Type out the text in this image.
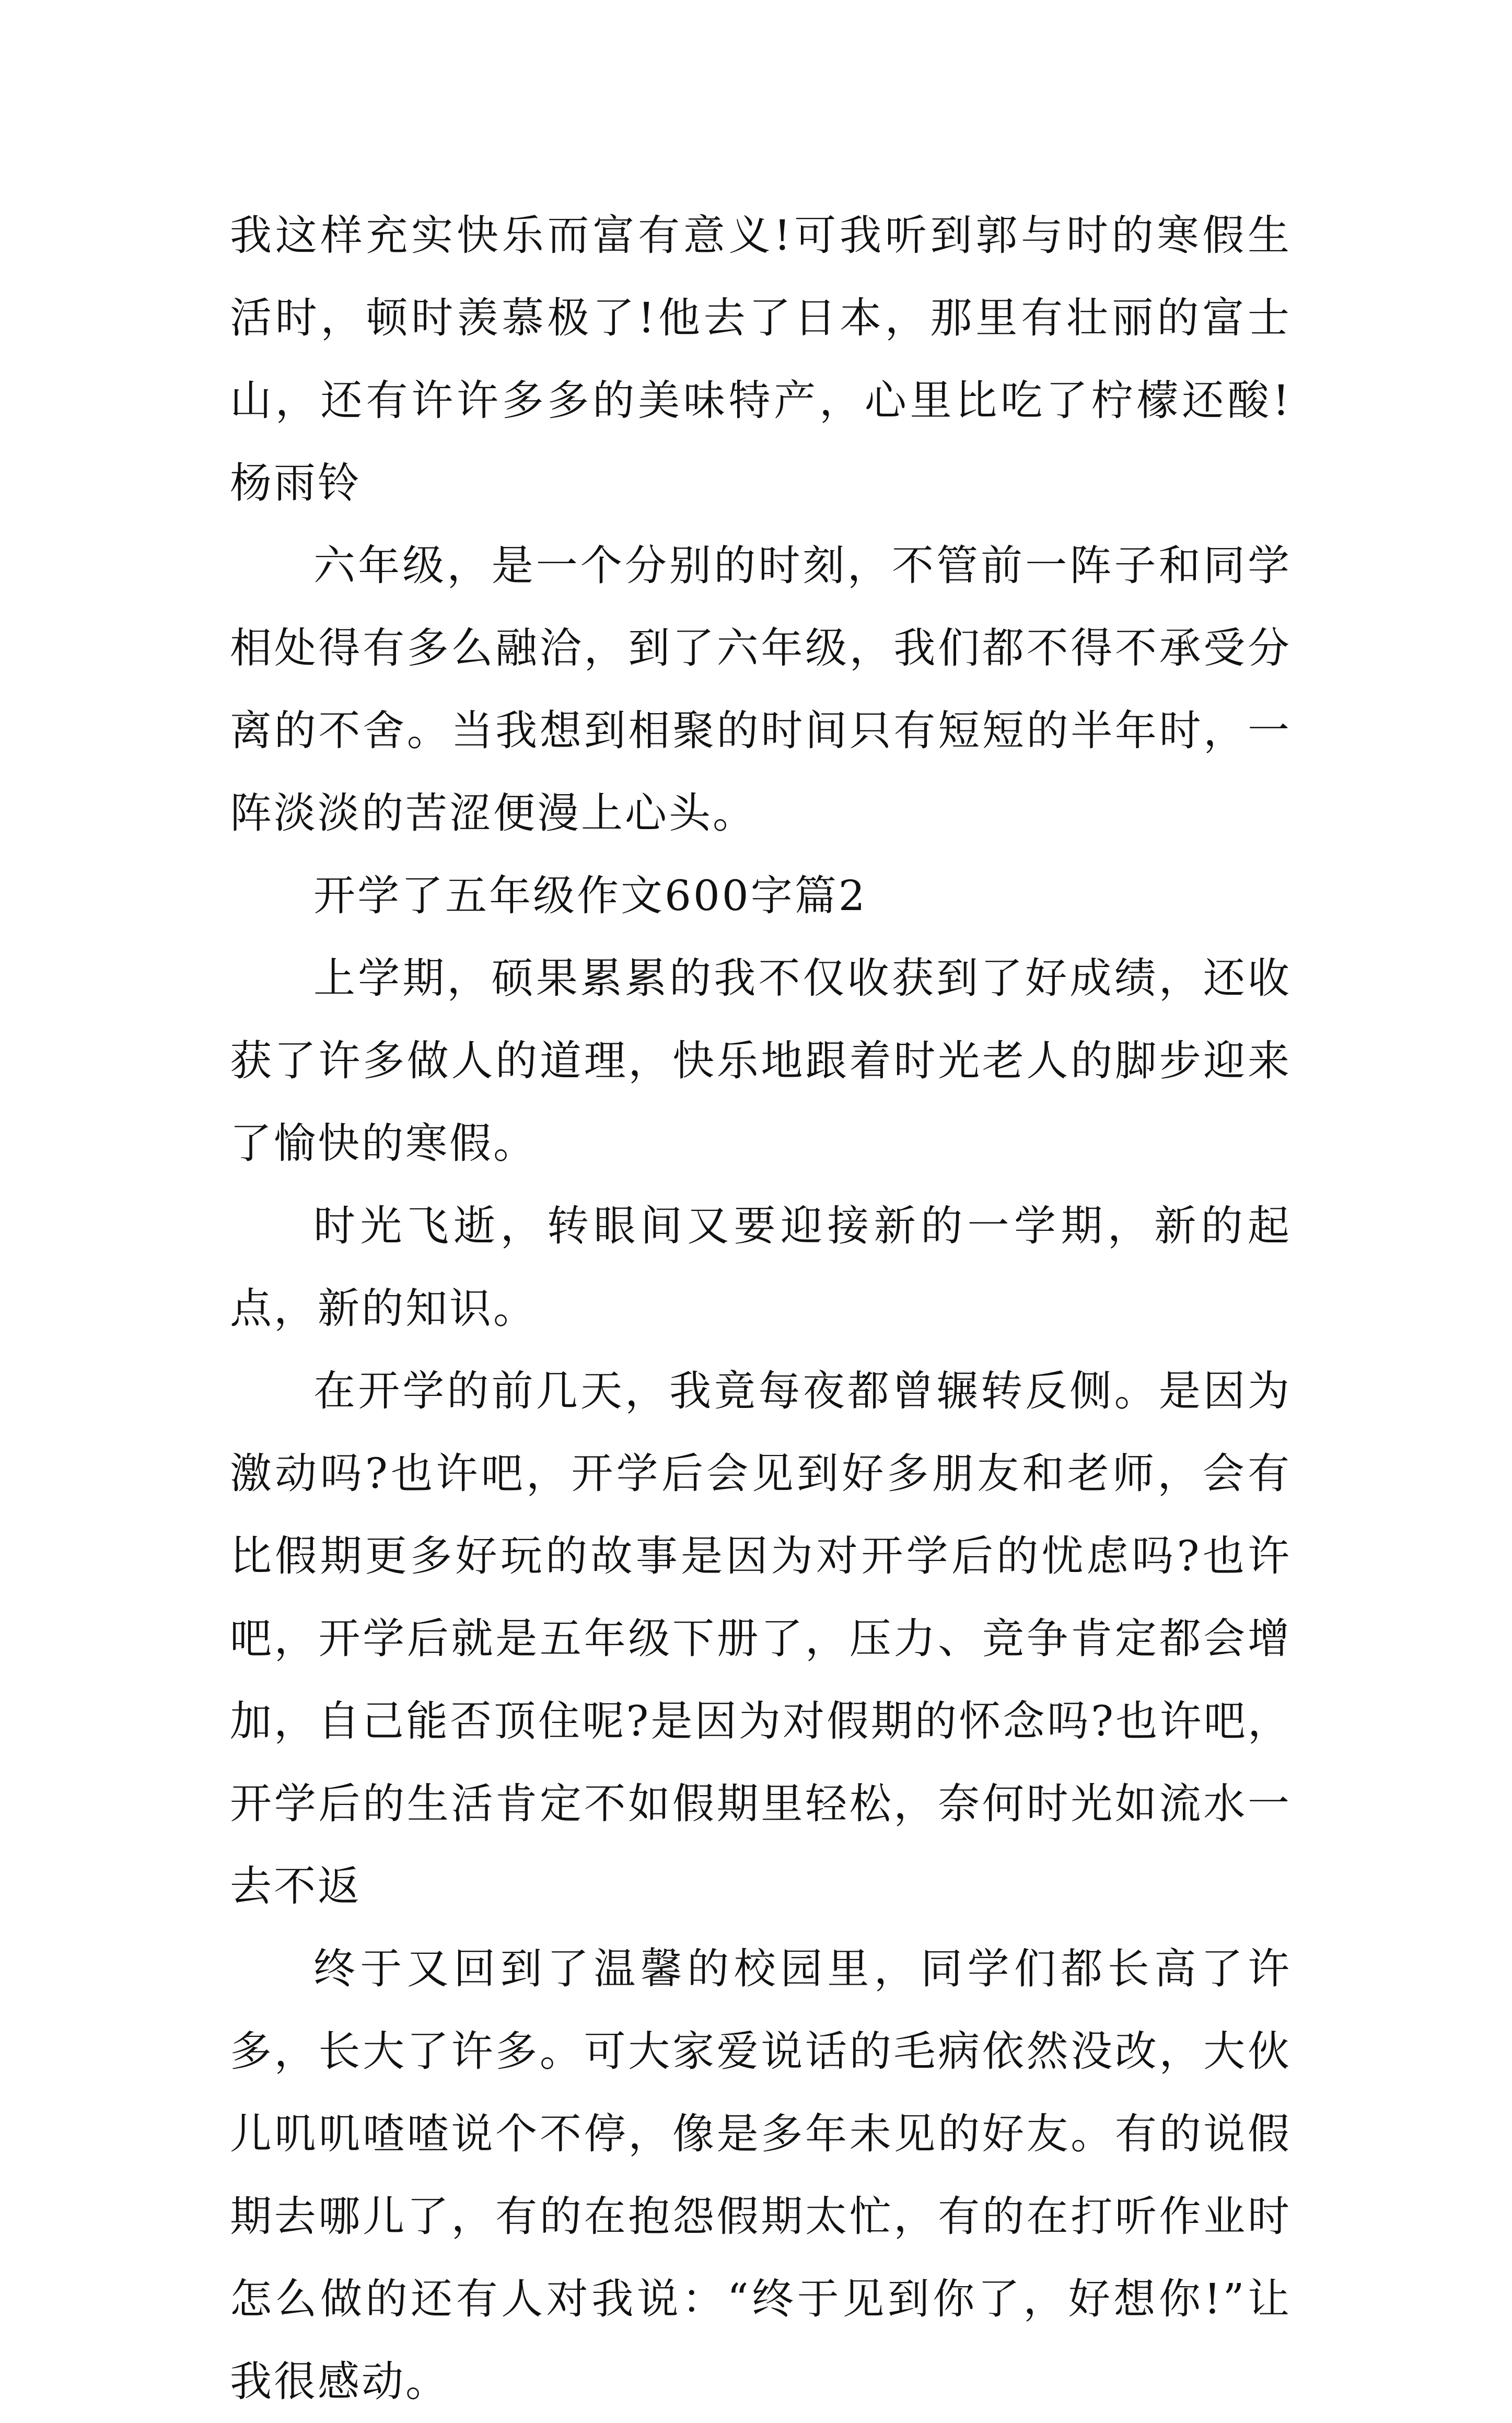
我这样充实快乐而富有意义!可我听到郭与时的寒假生活时，顿时羡慕极了!他去了日本，那里有壮丽的富士山，还有许许多多的美味特产，心里比吃了柠檬还酸!杨雨铃

六年级，是一个分别的时刻，不管前一阵子和同学相处得有多么融洽，到了六年级，我们都不得不承受分离的不舍。当我想到相聚的时间只有短短的半年时，一阵淡淡的苦涩便漫上心头。

开学了五年级作文600字篇2

上学期，硕果累累的我不仅收获到了好成绩，还收获了许多做人的道理，快乐地跟着时光老人的脚步迎来了愉快的寒假。

时光飞逝，转眼间又要迎接新的一学期，新的起点，新的知识。

在开学的前几天，我竟每夜都曾辗转反侧。是因为激动吗?也许吧，开学后会见到好多朋友和老师，会有比假期更多好玩的故事是因为对开学后的忧虑吗?也许吧，开学后就是五年级下册了，压力、竞争肯定都会增加，自己能否顶住呢?是因为对假期的怀念吗?也许吧，开学后的生活肯定不如假期里轻松，奈何时光如流水一去不返

终于又回到了温馨的校园里，同学们都长高了许多，长大了许多。可大家爱说话的毛病依然没改，大伙儿叽叽喳喳说个不停，像是多年未见的好友。有的说假期去哪儿了，有的在抱怨假期太忙，有的在打听作业时怎么做的还有人对我说：“终于见到你了，好想你!”让我很感动。
